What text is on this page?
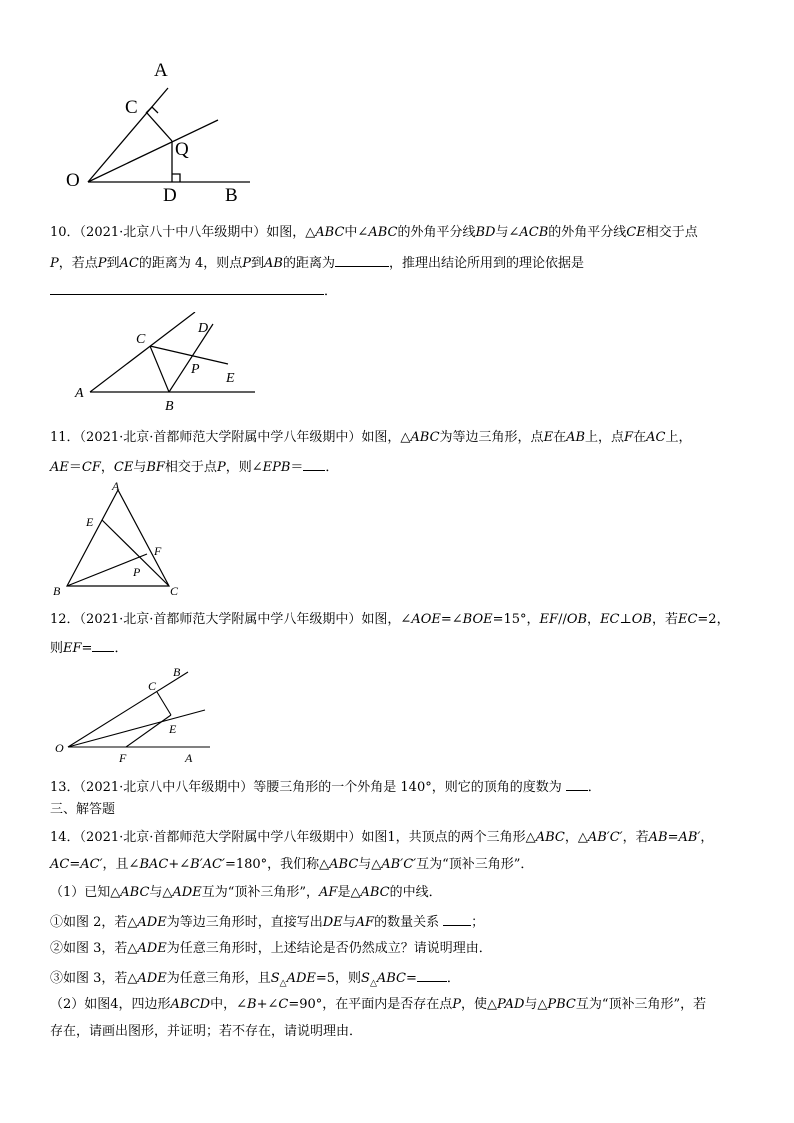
A
C
Q
O
D	B
10．（2021·北京八十中八年级期中）如图，△ABC中∠ABC的外角平分线BD与∠ACB的外角平分线CE相交于点
P，若点P到AC的距离为 4，则点P到AB的距离为	，推理出结论所用到的理论依据是
．
C
D
P
E
A
B
11．（2021·北京·首都师范大学附属中学八年级期中）如图，△ABC为等边三角形，点E在AB上，点F在AC上，
AE＝CF，CE与BF相交于点P，则∠EPB＝ ．
A
E
F
P
B	C
12．（2021·北京·首都师范大学附属中学八年级期中）如图，∠AOE=∠BOE=15°，EF//OB，EC⊥OB，若EC=2，
则EF= ．
B
C
E
O
F	A
13．（2021·北京八中八年级期中）等腰三角形的一个外角是 140°，则它的顶角的度数为 ．
三、解答题
14．（2021·北京·首都师范大学附属中学八年级期中）如图1，共顶点的两个三角形△ABC，△AB′C′，若AB=AB′，
AC=AC′，且∠BAC+∠B′AC′=180°，我们称△ABC与△AB′C′互为“顶补三角形”．
（1）已知△ABC与△ADE互为“顶补三角形”，AF是△ABC的中线．
①如图 2，若△ADE为等边三角形时，直接写出DE与AF的数量关系 ；
②如图 3，若△ADE为任意三角形时，上述结论是否仍然成立？请说明理由．
③如图 3，若△ADE为任意三角形，且$S_\triangle ADE=5$，则$S_\triangle ABC=$ ．
（2）如图4，四边形ABCD中，∠B+∠C=90°，在平面内是否存在点P，使△PAD与△PBC互为“顶补三角形”，若
存在，请画出图形，并证明；若不存在，请说明理由．
